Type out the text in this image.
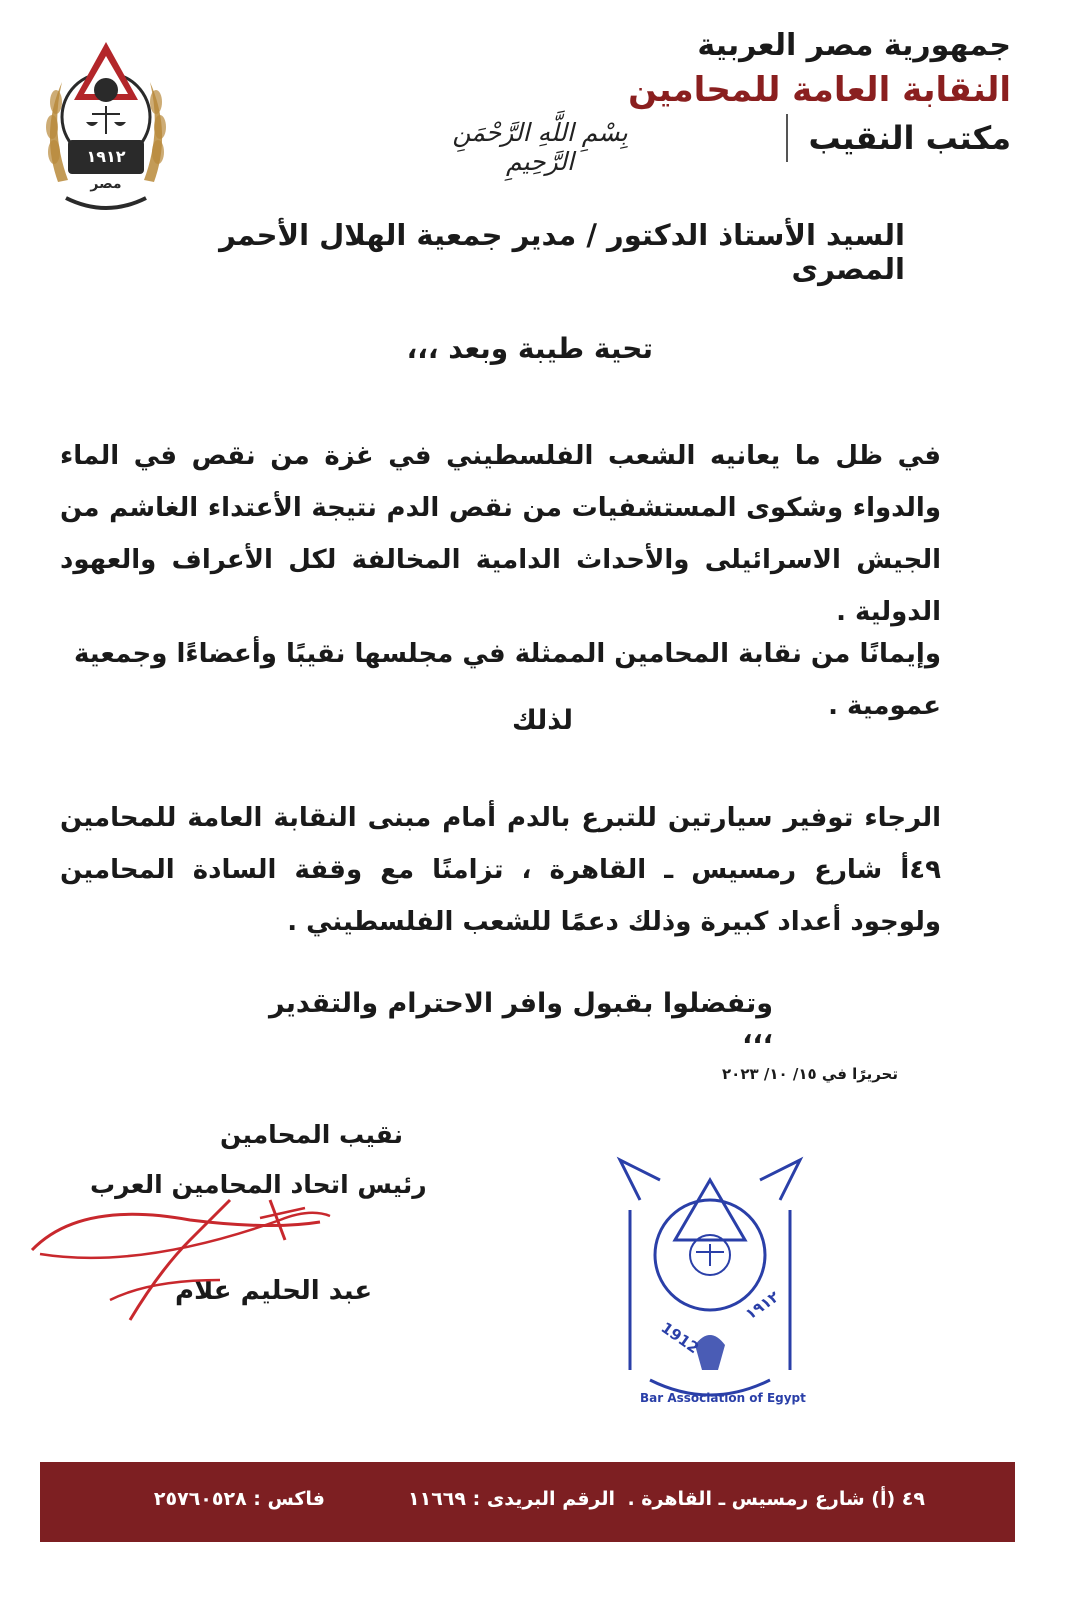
١٩١٢
مصر
جمهورية مصر العربية
النقابة العامة للمحامين
مكتب النقيب
بِسْمِ اللَّهِ الرَّحْمَنِ الرَّحِيمِ
السيد الأستاذ الدكتور / مدير جمعية الهلال الأحمر المصرى
تحية طيبة وبعد ،،،
في ظل ما يعانيه الشعب الفلسطيني في غزة من نقص في الماء والدواء وشكوى المستشفيات من نقص الدم نتيجة الأعتداء الغاشم من الجيش الاسرائيلى والأحداث الدامية المخالفة لكل الأعراف والعهود الدولية .
وإيمانًا من نقابة المحامين الممثلة في مجلسها نقيبًا وأعضاءًا وجمعية عمومية .
لذلك
الرجاء توفير سيارتين للتبرع بالدم أمام مبنى النقابة العامة للمحامين ٤٩أ شارع رمسيس ـ القاهرة ، تزامنًا مع وقفة السادة المحامين ولوجود أعداد كبيرة وذلك دعمًا للشعب الفلسطيني .
وتفضلوا بقبول وافر الاحترام والتقدير ،،،
تحريرًا في ١٥/ ١٠/ ٢٠٢٣
نقيب المحامين
رئيس اتحاد المحامين العرب
عبد الحليم علام
1912
١٩١٢
Bar Association of Egypt
٤٩ (أ) شارع رمسيس ـ القاهرة .
الرقم البريدى : ١١٦٦٩
فاكس : ٢٥٧٦٠٥٢٨
